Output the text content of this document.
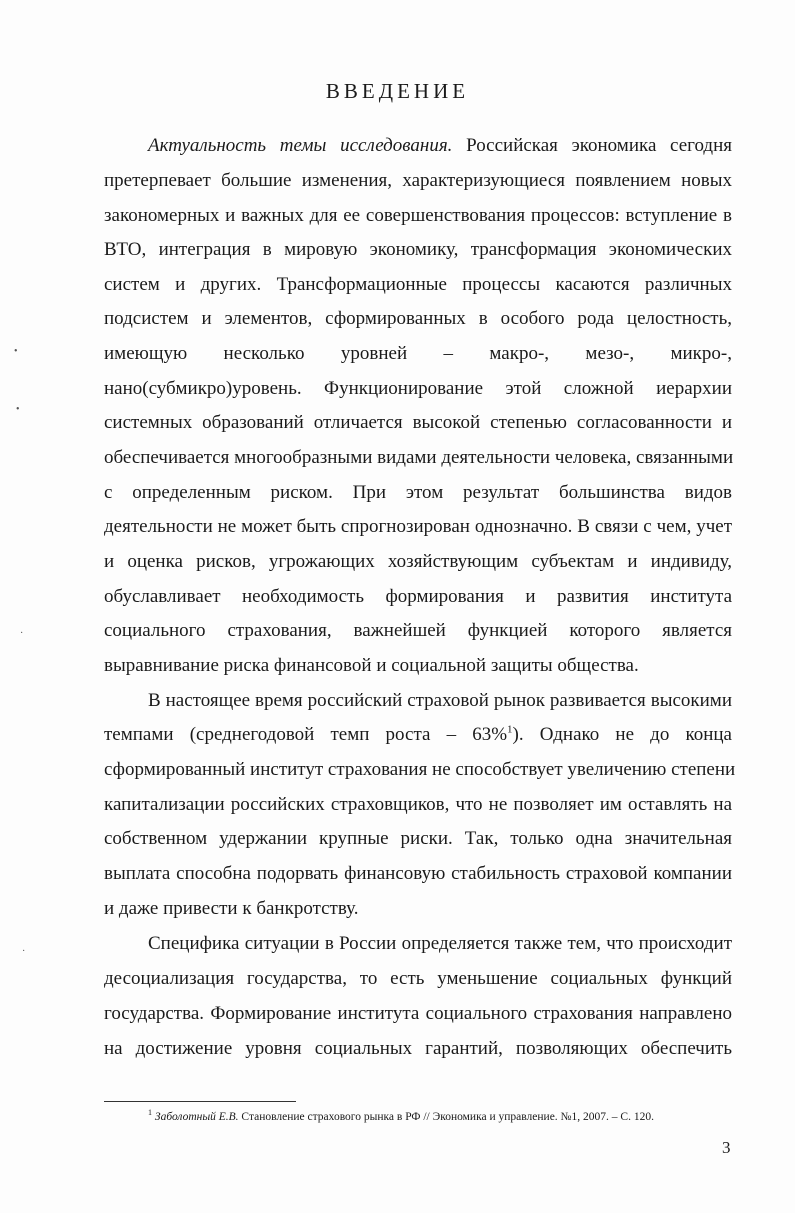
ВВЕДЕНИЕ
Актуальность темы исследования. Российская экономика сегодня
претерпевает большие изменения, характеризующиеся появлением новых
закономерных и важных для ее совершенствования процессов: вступление в
ВТО, интеграция в мировую экономику, трансформация экономических
систем и других. Трансформационные процессы касаются различных
подсистем и элементов, сформированных в особого рода целостность,
имеющую несколько уровней – макро-, мезо-, микро-,
нано(субмикро)уровень. Функционирование этой сложной иерархии
системных образований отличается высокой степенью согласованности и
обеспечивается многообразными видами деятельности человека, связанными
с определенным риском. При этом результат большинства видов
деятельности не может быть спрогнозирован однозначно. В связи с чем, учет
и оценка рисков, угрожающих хозяйствующим субъектам и индивиду,
обуславливает необходимость формирования и развития института
социального страхования, важнейшей функцией которого является
выравнивание риска финансовой и социальной защиты общества.
В настоящее время российский страховой рынок развивается высокими
темпами (среднегодовой темп роста – 63%$^1$). Однако не до конца
сформированный институт страхования не способствует увеличению степени
капитализации российских страховщиков, что не позволяет им оставлять на
собственном удержании крупные риски. Так, только одна значительная
выплата способна подорвать финансовую стабильность страховой компании
и даже привести к банкротству.
Специфика ситуации в России определяется также тем, что происходит
десоциализация государства, то есть уменьшение социальных функций
государства. Формирование института социального страхования направлено
на достижение уровня социальных гарантий, позволяющих обеспечить
$^1$ Заболотный Е.В. Становление страхового рынка в РФ // Экономика и управление. №1, 2007. – С. 120.
3
•
•
·
·
